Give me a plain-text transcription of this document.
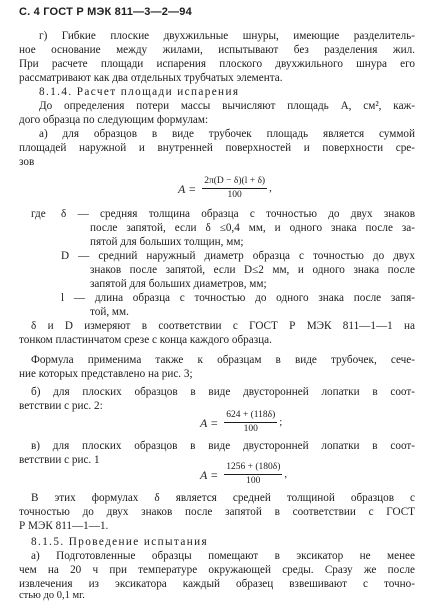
С. 4 ГОСТ Р МЭК 811—3—2—94
г) Гибкие плоские двухжильные шнуры, имеющие разделитель-
ное основание между жилами, испытывают без разделения жил.
При расчете площади испарения плоского двухжильного шнура его
рассматривают как два отдельных трубчатых элемента.
8.1.4. Расчет площади испарения
До определения потери массы вычисляют площадь А, см², каж-
дого образца по следующим формулам:
а) для образцов в виде трубочек площадь является суммой
площадей наружной и внутренней поверхностей и поверхности сре-
зов
$A = \frac{2\pi(D - \delta)(l + \delta)}{100}$ ,
где δ — средняя толщина образца с точностью до двух знаков
после запятой, если δ ≤0,4 мм, и одного знака после за-
пятой для больших толщин, мм;
D — средний наружный диаметр образца с точностью до двух
знаков после запятой, если D≤2 мм, и одного знака после
запятой для больших диаметров, мм;
l — длина образца с точностью до одного знака после запя-
той, мм.
δ и D измеряют в соответствии с ГОСТ Р МЭК 811—1—1 на
тонком пластинчатом срезе с конца каждого образца.
Формула применима также к образцам в виде трубочек, сече-
ние которых представлено на рис. 3;
б) для плоских образцов в виде двусторонней лопатки в соот-
ветствии с рис. 2:
$A = \frac{624 + (118\delta)}{100}$ ;
в) для плоских образцов в виде двусторонней лопатки в соот-
ветствии с рис. 1
$A = \frac{1256 + (180\delta)}{100}$ ,
В этих формулах δ является средней толщиной образцов с
точностью до двух знаков после запятой в соответствии с ГОСТ
Р МЭК 811—1—1.
8.1.5. Проведение испытания
а) Подготовленные образцы помещают в эксикатор не менее
чем на 20 ч при температуре окружающей среды. Сразу же после
извлечения из эксикатора каждый образец взвешивают с точно-
стью до 0,1 мг.
